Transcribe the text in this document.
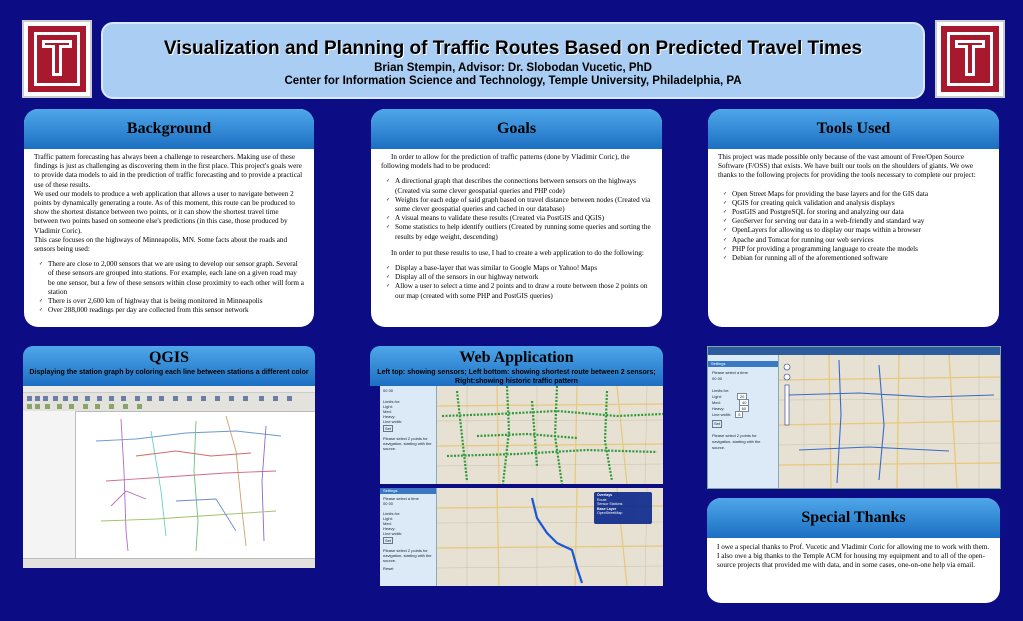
Visualization and Planning of Traffic Routes Based on Predicted Travel Times
Brian Stempin, Advisor: Dr. Slobodan Vucetic, PhD
Center for Information Science and Technology, Temple University, Philadelphia, PA
Background

Traffic pattern forecasting has always been a challenge to researchers. Making use of these findings is just as challenging as discovering them in the first place. This project's goals were to provide data models to aid in the prediction of traffic forecasting and to provide a practical use of these results.

We used our models to produce a web application that allows a user to navigate between 2 points by dynamically generating a route. As of this moment, this route can be produced to show the shortest distance between two points, or it can show the shortest travel time between two points based on someone else's predictions (in this case, those produced by Vladimir Coric).

This case focuses on the highways of Minneapolis, MN. Some facts about the roads and sensors being used:

✓ There are close to 2,000 sensors that we are using to develop our sensor graph. Several of these sensors are grouped into stations. For example, each lane on a given road may be one sensor, but a few of these sensors within close proximity to each other will form a station
✓ There is over 2,600 km of highway that is being monitored in Minneapolis
✓ Over 288,000 readings per day are collected from this sensor network
Goals

In order to allow for the prediction of traffic patterns (done by Vladimir Coric), the following models had to be produced:

✓ A directional graph that describes the connections between sensors on the highways (Created via some clever geospatial queries and PHP code)
✓ Weights for each edge of said graph based on travel distance between nodes (Created via some clever geospatial queries and cached in our database)
✓ A visual means to validate these results (Created via PostGIS and QGIS)
✓ Some statistics to help identify outliers (Created by running some queries and sorting the results by edge weight, descending)

In order to put these results to use, I had to create a web application to do the following:

✓ Display a base-layer that was similar to Google Maps or Yahoo! Maps
✓ Display all of the sensors in our highway network
✓ Allow a user to select a time and 2 points and to draw a route between those 2 points on our map (created with some PHP and PostGIS queries)
Tools Used

This project was made possible only because of the vast amount of Free/Open Source Software (F/OSS) that exists. We have built our tools on the shoulders of giants. We owe thanks to the following projects for providing the tools necessary to complete our project:

✓ Open Street Maps for providing the base layers and for the GIS data
✓ QGIS for creating quick validation and analysis displays
✓ PostGIS and PostgreSQL for storing and analyzing our data
✓ GeoServer for serving our data in a web-friendly and standard way
✓ OpenLayers for allowing us to display our maps within a browser
✓ Apache and Tomcat for running our web services
✓ PHP for providing a programming language to create the models
✓ Debian for running all of the aforementioned software
QGIS
Displaying the station graph by coloring each line between stations a different color
Web Application
Left top: showing sensors; Left bottom: showing shortest route between 2 sensors; Right:showing historic traffic pattern
00 00
Limits for:
Light:
Med:
Heavy:
Line width:
Set
Please select 2 points for navigation, starting with the source.
Settings
Please select a time
00 00
Limits for:
Light:
Med:
Heavy:
Line width:
Set
Please select 2 points for navigation, starting with the source.
Reset
Overlays
Route
Sensor Stations
Base Layer
OpenStreetMap

Settings
Please select a time
00 00
Limits for:
Light:	20
Med:	40
Heavy:	60
Line width: 5
Set
Please select 2 points for navigation, starting with the source.
Special Thanks

I owe a special thanks to Prof. Vucetic and Vladimir Coric for allowing me to work with them. I also owe a big thanks to the Temple ACM for housing my equipment and to all of the open-source projects that provided me with data, and in some cases, one-on-one help via email.
